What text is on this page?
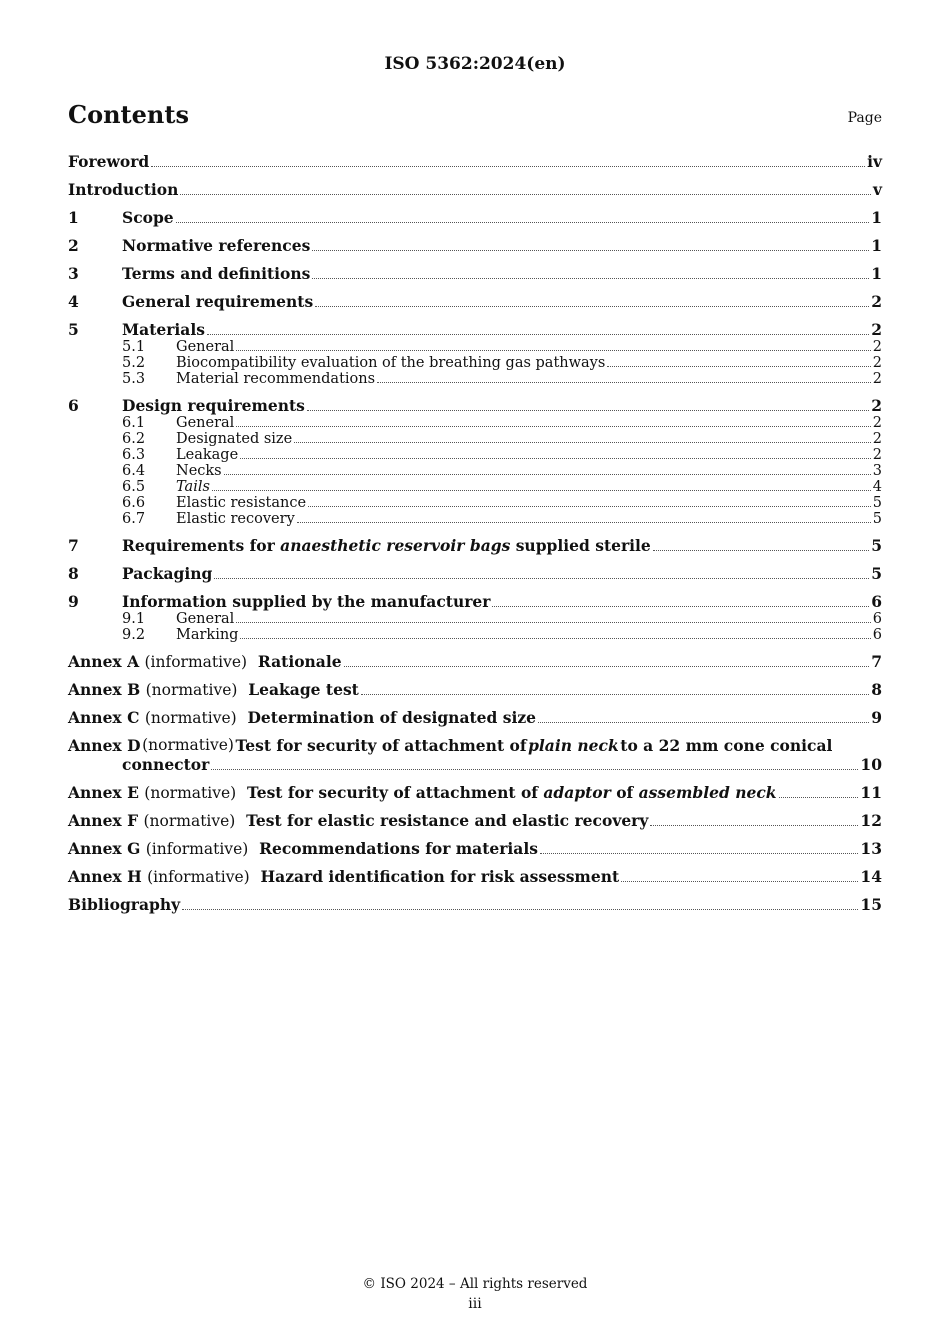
ISO 5362:2024(en)
Contents	Page
Foreword	iv
Introduction	v
1	Scope	1
2	Normative references	1
3	Terms and definitions	1
4	General requirements	2
5	Materials	2
5.1	General	2
5.2	Biocompatibility evaluation of the breathing gas pathways	2
5.3	Material recommendations	2
6	Design requirements	2
6.1	General	2
6.2	Designated size	2
6.3	Leakage	2
6.4	Necks	3
6.5	Tails	4
6.6	Elastic resistance	5
6.7	Elastic recovery	5
7	Requirements for anaesthetic reservoir bags supplied sterile	5
8	Packaging	5
9	Information supplied by the manufacturer	6
9.1	General	6
9.2	Marking	6
Annex A (informative) Rationale	7
Annex B (normative) Leakage test	8
Annex C (normative) Determination of designated size	9
Annex D (normative) Test for security of attachment of plain neck to a 22 mm cone conical
connector	10
Annex E (normative) Test for security of attachment of adaptor of assembled neck	11
Annex F (normative) Test for elastic resistance and elastic recovery	12
Annex G (informative) Recommendations for materials	13
Annex H (informative) Hazard identification for risk assessment	14
Bibliography	15
© ISO 2024 – All rights reserved
iii
